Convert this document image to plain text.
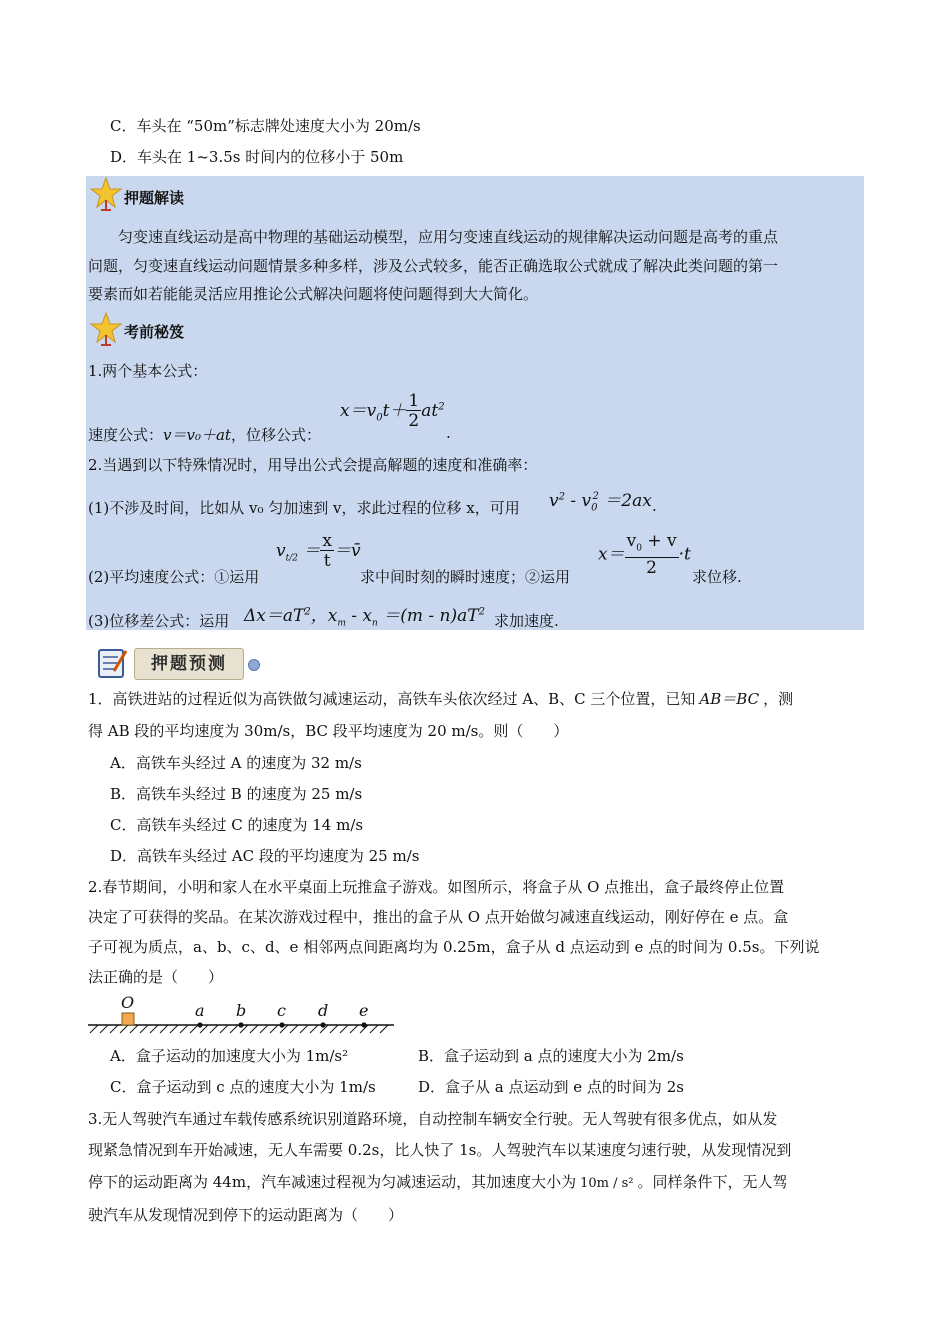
C．车头在 “50m”标志牌处速度大小为 20m/s
D．车头在 1~3.5s 时间内的位移小于 50m
押题解读
匀变速直线运动是高中物理的基础运动模型，应用匀变速直线运动的规律解决运动问题是高考的重点
问题，匀变速直线运动问题情景多种多样，涉及公式较多，能否正确选取公式就成了解决此类问题的第一
要素而如若能能灵活应用推论公式解决问题将使问题得到大大简化。
考前秘笈
1.两个基本公式：
速度公式：v＝v₀＋at，位移公式：
$x=v_0t+ \frac{1}{2} at^2$
.
2.当遇到以下特殊情况时，用导出公式会提高解题的速度和准确率：
(1)不涉及时间，比如从 v₀ 匀加速到 v，求此过程的位移 x，可用 $v^2 - v_0^2 =2ax$ .
(2)平均速度公式：①运用
$v_{t/2} = \frac{x}{t}$ ＝v̄
求中间时刻的瞬时速度；②运用
$x= \frac{v_0 + v}{2} \cdot t$
求位移.
(3)位移差公式：运用 $\Delta x=aT^2$，$x_m - x_n =(m - n)aT^2$
求加速度.
押题预测
1．高铁进站的过程近似为高铁做匀减速运动，高铁车头依次经过 A、B、C 三个位置，已知 AB＝BC ，测
得 AB 段的平均速度为 30m/s，BC 段平均速度为 20 m/s。则（　　）
A．高铁车头经过 A 的速度为 32 m/s
B．高铁车头经过 B 的速度为 25 m/s
C．高铁车头经过 C 的速度为 14 m/s
D．高铁车头经过 AC 段的平均速度为 25 m/s
2.春节期间，小明和家人在水平桌面上玩推盒子游戏。如图所示，将盒子从 O 点推出，盒子最终停止位置
决定了可获得的奖品。在某次游戏过程中，推出的盒子从 O 点开始做匀减速直线运动，刚好停在 e 点。盒
子可视为质点，a、b、c、d、e 相邻两点间距离均为 0.25m，盒子从 d 点运动到 e 点的时间为 0.5s。下列说
法正确的是（　　）
O	a b c d e
A．盒子运动的加速度大小为 1m/s²	B．盒子运动到 a 点的速度大小为 2m/s
C．盒子运动到 c 点的速度大小为 1m/s	D．盒子从 a 点运动到 e 点的时间为 2s
3.无人驾驶汽车通过车载传感系统识别道路环境，自动控制车辆安全行驶。无人驾驶有很多优点，如从发
现紧急情况到车开始减速，无人车需要 0.2s，比人快了 1s。人驾驶汽车以某速度匀速行驶，从发现情况到
停下的运动距离为 44m，汽车减速过程视为匀减速运动，其加速度大小为 10m / s² 。同样条件下，无人驾
驶汽车从发现情况到停下的运动距离为（　　）
